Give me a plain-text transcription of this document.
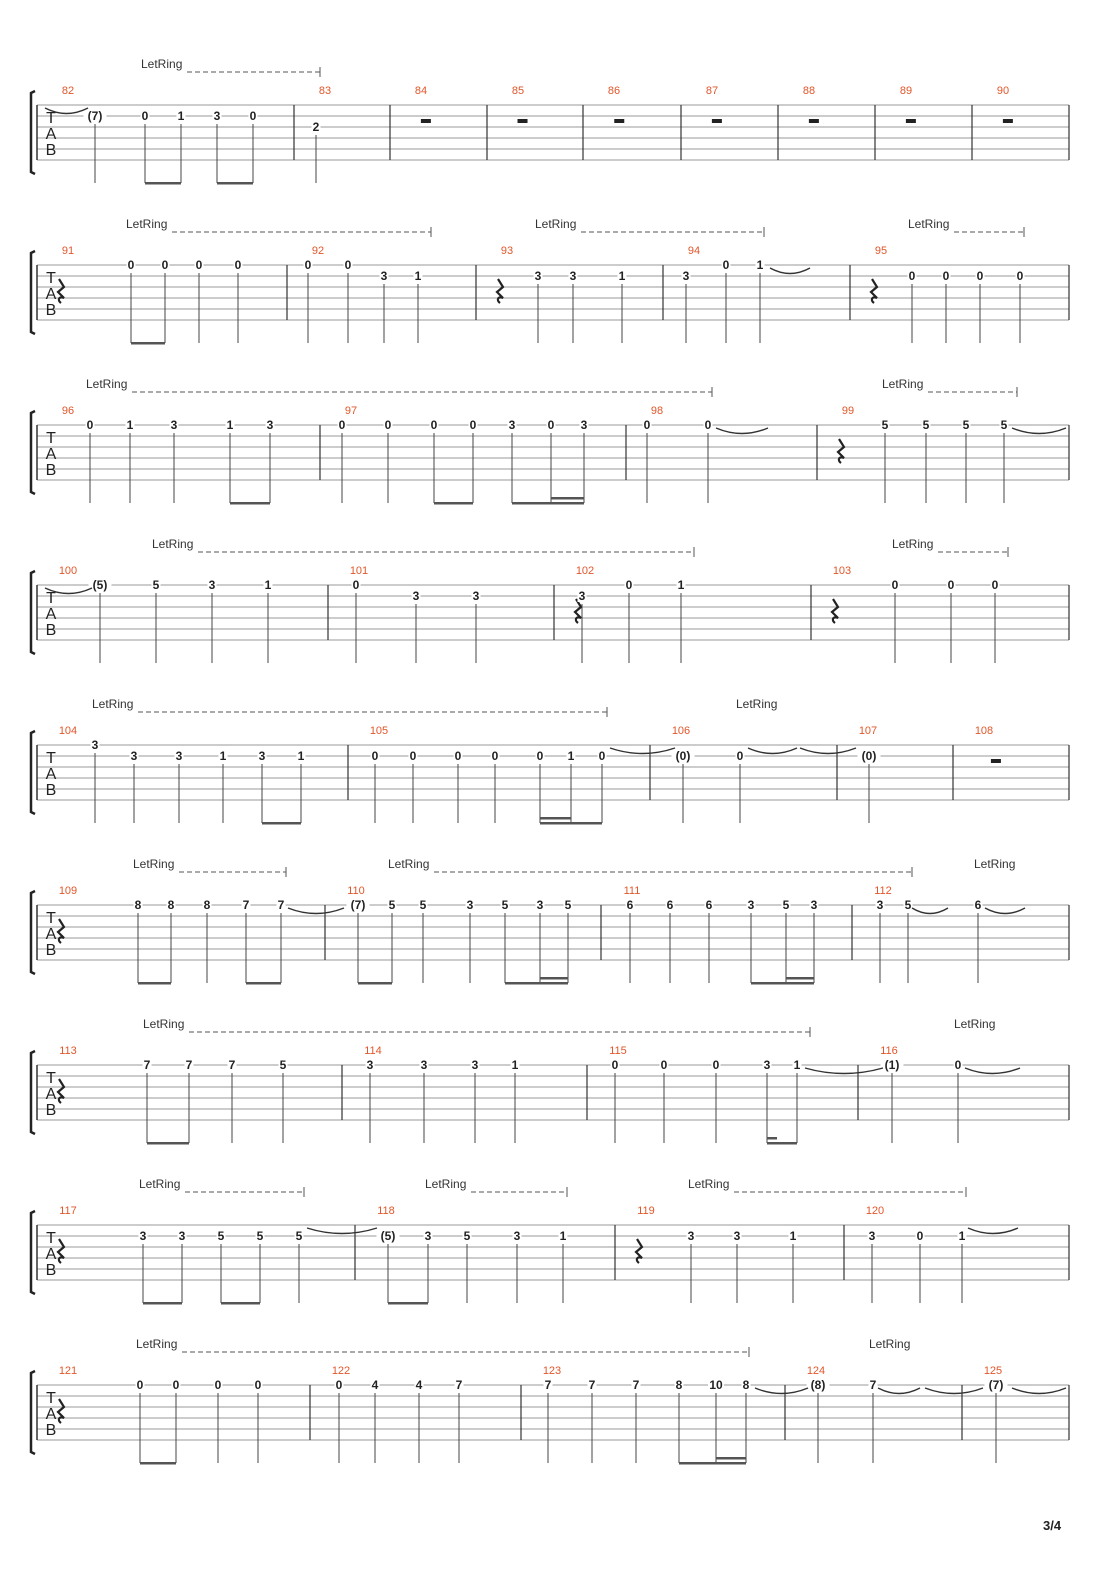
T
A
B
LetRing
82
(7)	0 1 3 0
83
2
84	85	86	87	88	89	90
T
A
B
LetRing	LetRing	LetRing
91
0 0 0	0
92
0	0
3 1
93
3 3	1
94
3
0 1
95
0 0 0	0
T
A
B
LetRing	LetRing
96
0	1	3	1	3
97
0	0	0	0	3	0 3
98
0	0
99
5	5	5	5
T
A
B
LetRing	LetRing
100
(5)	5	3	1
101
0
3	3
102
3
0	1
103
0	0	0
T
A
B
LetRing	LetRing
104
3
3	3	1	3	1
105
0	0	0	0	0 1 0
106
(0)	0
107
(0)
108
T
A
B
LetRing	LetRing	LetRing
109
8 8 8	7 7
110
(7) 5 5	3 5 3 5
111
6	6	6	3 5 3
112
3 5	6
T
A
B
LetRing	LetRing
113
7	7	7	5
114
3	3	3	1
115
0	0	0	3 1
116
(1)	0
T
A
B
LetRing	LetRing	LetRing
117
3	3	5	5	5
118
(5) 3	5	3	1
119
3	3	1
120
3	0	1
T
A
B
LetRing	LetRing
121
0 0	0	0
122
0 4	4	7
123
7	7	7	8 10 8
124
(8)	7
125
(7)
3/4
